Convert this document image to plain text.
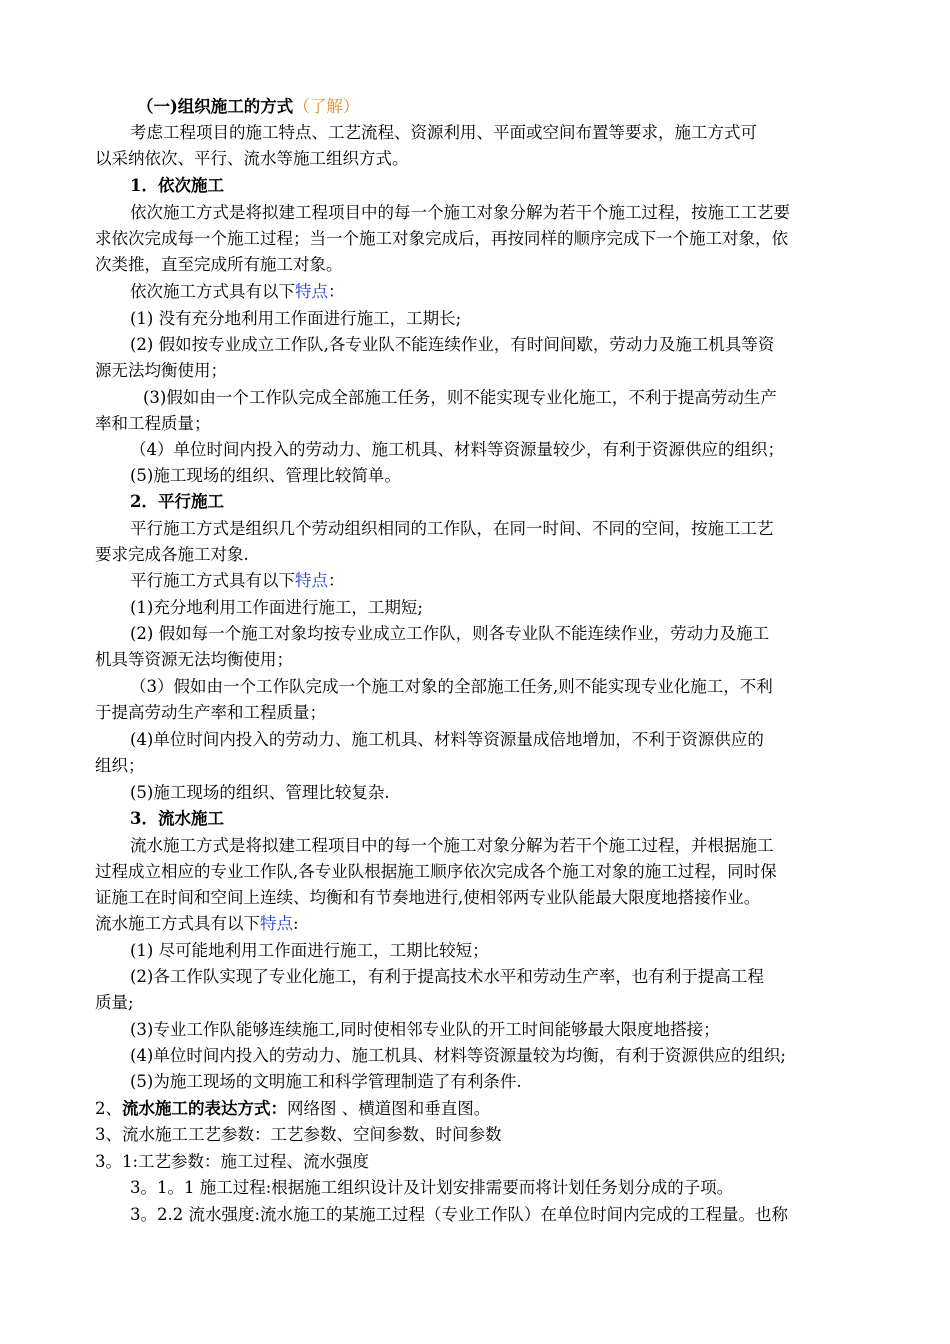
（一)组织施工的方式（了解）
考虑工程项目的施工特点、工艺流程、资源利用、平面或空间布置等要求，施工方式可
以采纳依次、平行、流水等施工组织方式。
1．依次施工
依次施工方式是将拟建工程项目中的每一个施工对象分解为若干个施工过程，按施工工艺要
求依次完成每一个施工过程；当一个施工对象完成后，再按同样的顺序完成下一个施工对象，依
次类推，直至完成所有施工对象。
依次施工方式具有以下特点：
(1) 没有充分地利用工作面进行施工，工期长;
(2) 假如按专业成立工作队,各专业队不能连续作业，有时间间歇，劳动力及施工机具等资
源无法均衡使用；
(3)假如由一个工作队完成全部施工任务，则不能实现专业化施工，不利于提高劳动生产
率和工程质量；
（4）单位时间内投入的劳动力、施工机具、材料等资源量较少，有利于资源供应的组织；
(5)施工现场的组织、管理比较简单。
2．平行施工
平行施工方式是组织几个劳动组织相同的工作队，在同一时间、不同的空间，按施工工艺
要求完成各施工对象.
平行施工方式具有以下特点：
(1)充分地利用工作面进行施工，工期短;
(2) 假如每一个施工对象均按专业成立工作队，则各专业队不能连续作业，劳动力及施工
机具等资源无法均衡使用；
（3）假如由一个工作队完成一个施工对象的全部施工任务,则不能实现专业化施工，不利
于提高劳动生产率和工程质量；
(4)单位时间内投入的劳动力、施工机具、材料等资源量成倍地增加，不利于资源供应的
组织；
(5)施工现场的组织、管理比较复杂.
3．流水施工
流水施工方式是将拟建工程项目中的每一个施工对象分解为若干个施工过程，并根据施工
过程成立相应的专业工作队,各专业队根据施工顺序依次完成各个施工对象的施工过程，同时保
证施工在时间和空间上连续、均衡和有节奏地进行,使相邻两专业队能最大限度地搭接作业。
流水施工方式具有以下特点:
(1) 尽可能地利用工作面进行施工，工期比较短；
(2)各工作队实现了专业化施工，有利于提高技术水平和劳动生产率，也有利于提高工程
质量;
(3)专业工作队能够连续施工,同时使相邻专业队的开工时间能够最大限度地搭接；
(4)单位时间内投入的劳动力、施工机具、材料等资源量较为均衡，有利于资源供应的组织;
(5)为施工现场的文明施工和科学管理制造了有利条件.
2、流水施工的表达方式：网络图 、横道图和垂直图。
3、流水施工工艺参数：工艺参数、空间参数、时间参数
3。1:工艺参数：施工过程、流水强度
3。1。1 施工过程:根据施工组织设计及计划安排需要而将计划任务划分成的子项。
3。2.2 流水强度:流水施工的某施工过程（专业工作队）在单位时间内完成的工程量。也称
